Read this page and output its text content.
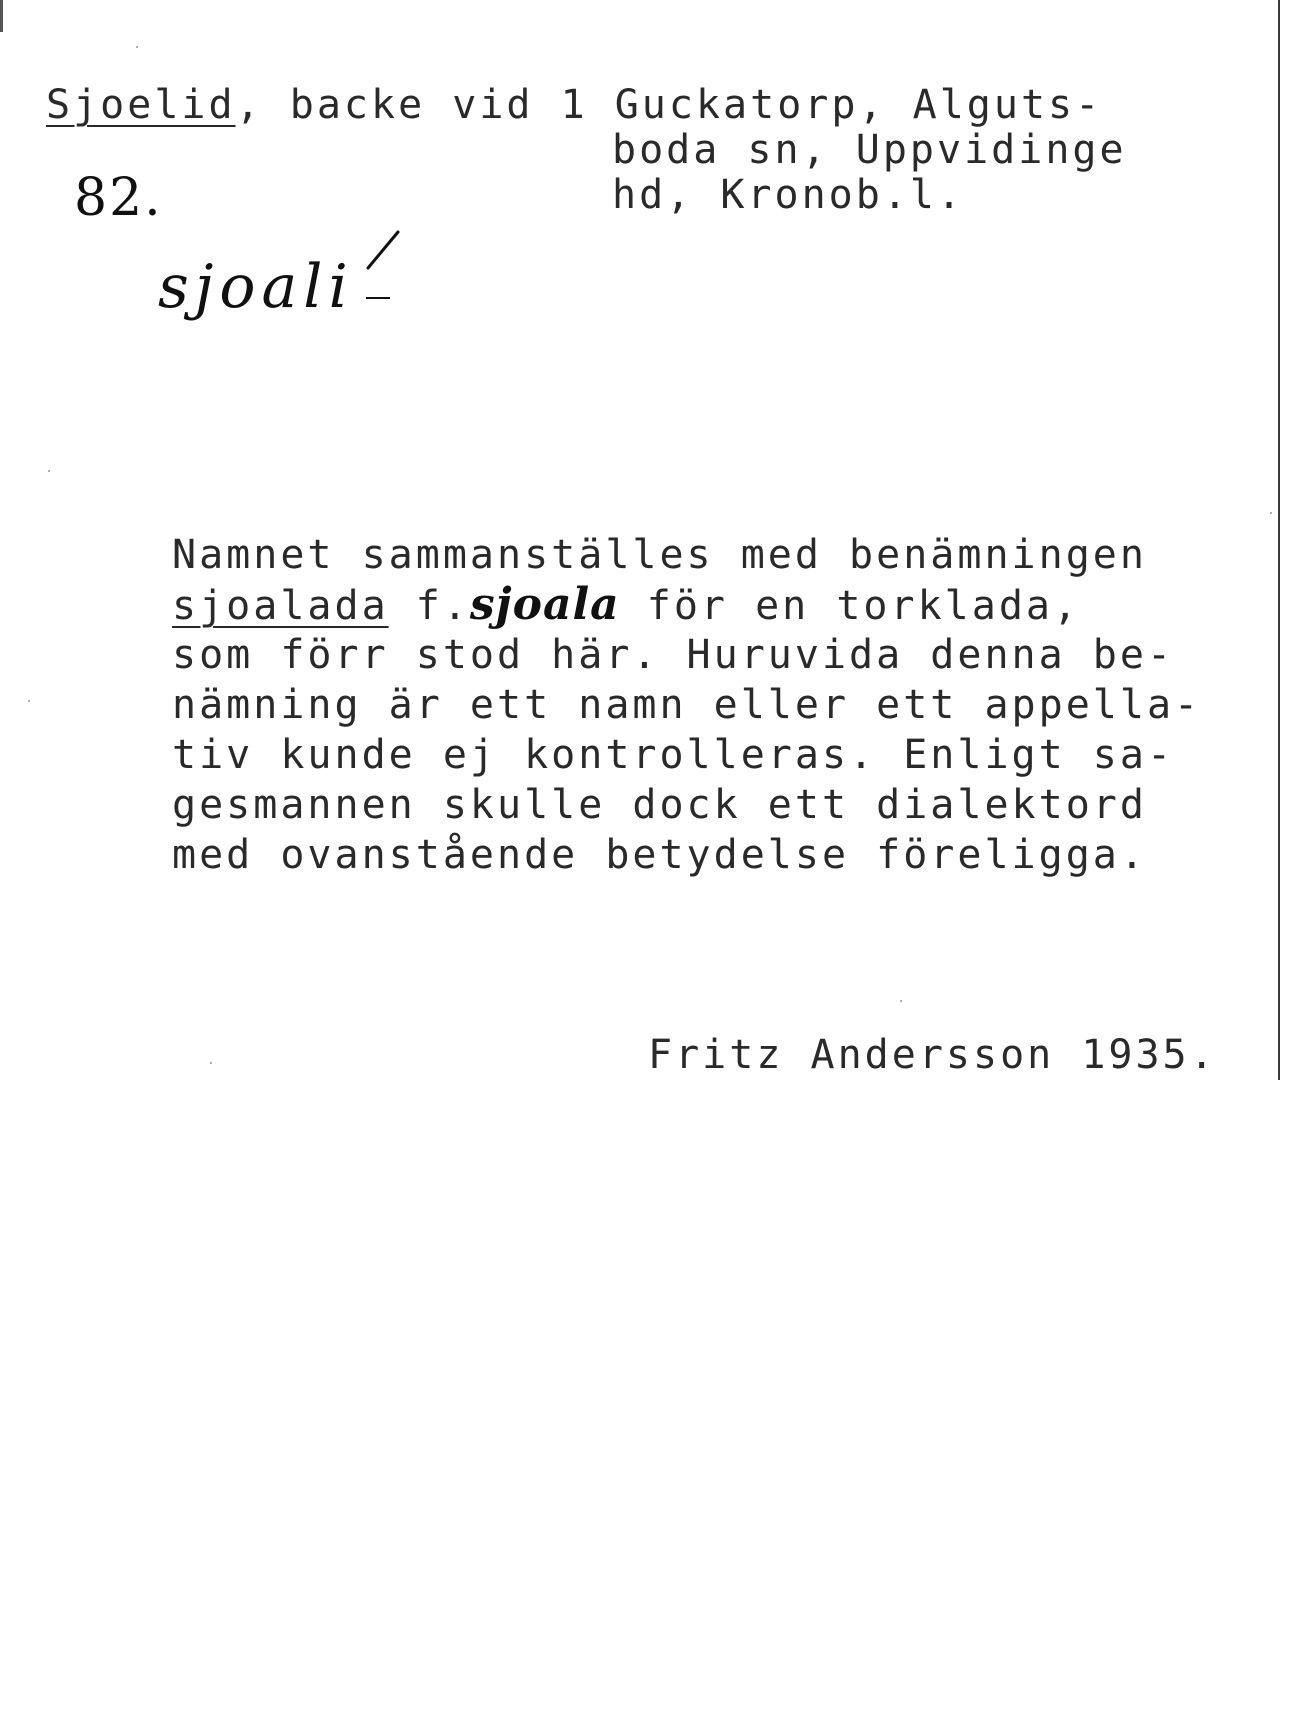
Sjoelid, backe vid 1 Guckatorp, Alguts-
boda sn, Uppvidinge
hd, Kronob.l.
82.
sjoali
Namnet sammanställes med benämningen
sjoalada f.sjoala för en torklada,
som förr stod här. Huruvida denna be-
nämning är ett namn eller ett appella-
tiv kunde ej kontrolleras. Enligt sa-
gesmannen skulle dock ett dialektord
med ovanstående betydelse föreligga.
Fritz Andersson 1935.
